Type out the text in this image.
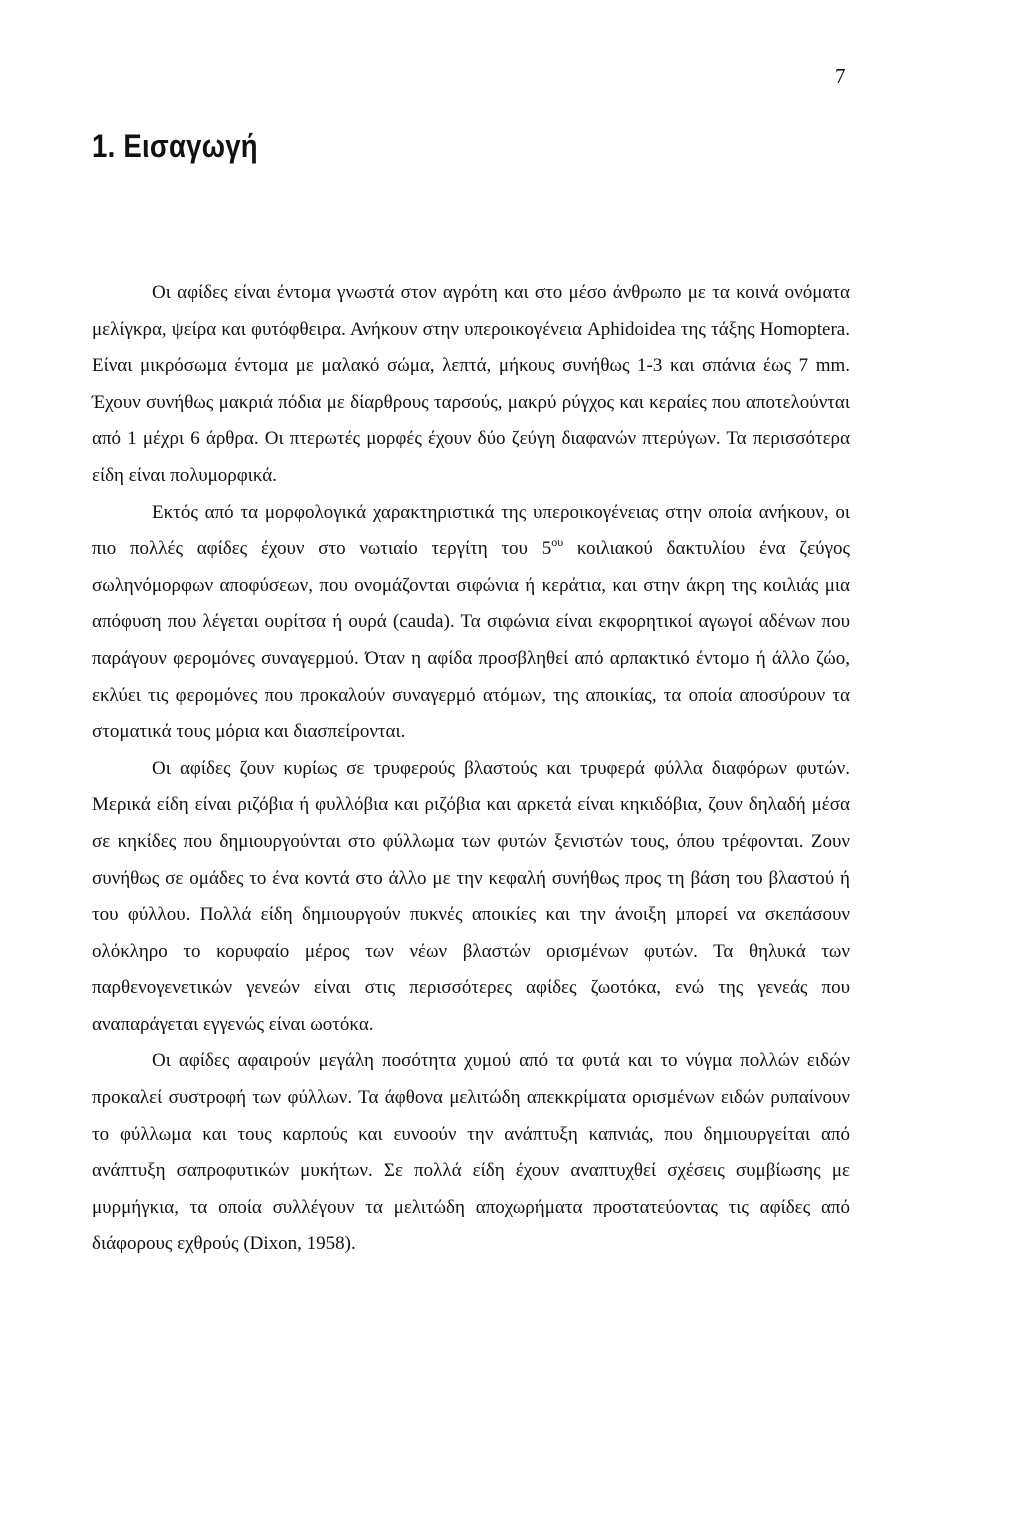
7
1. Εισαγωγή

Οι αφίδες είναι έντομα γνωστά στον αγρότη και στο μέσο άνθρωπο με τα κοινά ονόματα μελίγκρα, ψείρα και φυτόφθειρα. Ανήκουν στην υπεροικογένεια Aphidoidea της τάξης Homoptera. Είναι μικρόσωμα έντομα με μαλακό σώμα, λεπτά, μήκους συνήθως 1-3 και σπάνια έως 7 mm. Έχουν συνήθως μακριά πόδια με δίαρθρους ταρσούς, μακρύ ρύγχος και κεραίες που αποτελούνται από 1 μέχρι 6 άρθρα. Οι πτερωτές μορφές έχουν δύο ζεύγη διαφανών πτερύγων. Τα περισσότερα είδη είναι πολυμορφικά.

Εκτός από τα μορφολογικά χαρακτηριστικά της υπεροικογένειας στην οποία ανήκουν, οι πιο πολλές αφίδες έχουν στο νωτιαίο τεργίτη του $5^{o\upsilon}$ κοιλιακού δακτυλίου ένα ζεύγος σωληνόμορφων αποφύσεων, που ονομάζονται σιφώνια ή κεράτια, και στην άκρη της κοιλιάς μια απόφυση που λέγεται ουρίτσα ή ουρά (cauda). Τα σιφώνια είναι εκφορητικοί αγωγοί αδένων που παράγουν φερομόνες συναγερμού. Όταν η αφίδα προσβληθεί από αρπακτικό έντομο ή άλλο ζώο, εκλύει τις φερομόνες που προκαλούν συναγερμό ατόμων, της αποικίας, τα οποία αποσύρουν τα στοματικά τους μόρια και διασπείρονται.

Οι αφίδες ζουν κυρίως σε τρυφερούς βλαστούς και τρυφερά φύλλα διαφόρων φυτών. Μερικά είδη είναι ριζόβια ή φυλλόβια και ριζόβια και αρκετά είναι κηκιδόβια, ζουν δηλαδή μέσα σε κηκίδες που δημιουργούνται στο φύλλωμα των φυτών ξενιστών τους, όπου τρέφονται. Ζουν συνήθως σε ομάδες το ένα κοντά στο άλλο με την κεφαλή συνήθως προς τη βάση του βλαστού ή του φύλλου. Πολλά είδη δημιουργούν πυκνές αποικίες και την άνοιξη μπορεί να σκεπάσουν ολόκληρο το κορυφαίο μέρος των νέων βλαστών ορισμένων φυτών. Τα θηλυκά των παρθενογενετικών γενεών είναι στις περισσότερες αφίδες ζωοτόκα, ενώ της γενεάς που αναπαράγεται εγγενώς είναι ωοτόκα.

Οι αφίδες αφαιρούν μεγάλη ποσότητα χυμού από τα φυτά και το νύγμα πολλών ειδών προκαλεί συστροφή των φύλλων. Τα άφθονα μελιτώδη απεκκρίματα ορισμένων ειδών ρυπαίνουν το φύλλωμα και τους καρπούς και ευνοούν την ανάπτυξη καπνιάς, που δημιουργείται από ανάπτυξη σαπροφυτικών μυκήτων. Σε πολλά είδη έχουν αναπτυχθεί σχέσεις συμβίωσης με μυρμήγκια, τα οποία συλλέγουν τα μελιτώδη αποχωρήματα προστατεύοντας τις αφίδες από διάφορους εχθρούς (Dixon, 1958).
